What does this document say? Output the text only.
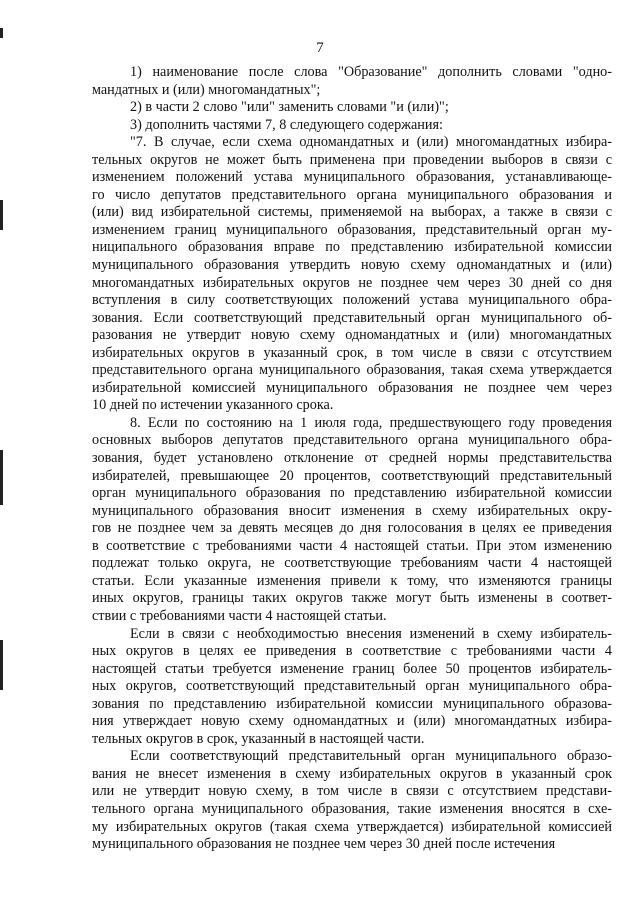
7
1) наименование после слова "Образование" дополнить словами "одно-
мандатных и (или) многомандатных";
2) в части 2 слово "или" заменить словами "и (или)";
3) дополнить частями 7, 8 следующего содержания:
"7. В случае, если схема одномандатных и (или) многомандатных избира-
тельных округов не может быть применена при проведении выборов в связи с
изменением положений устава муниципального образования, устанавливающе-
го число депутатов представительного органа муниципального образования и
(или) вид избирательной системы, применяемой на выборах, а также в связи с
изменением границ муниципального образования, представительный орган му-
ниципального образования вправе по представлению избирательной комиссии
муниципального образования утвердить новую схему одномандатных и (или)
многомандатных избирательных округов не позднее чем через 30 дней со дня
вступления в силу соответствующих положений устава муниципального обра-
зования. Если соответствующий представительный орган муниципального об-
разования не утвердит новую схему одномандатных и (или) многомандатных
избирательных округов в указанный срок, в том числе в связи с отсутствием
представительного органа муниципального образования, такая схема утверждается
избирательной комиссией муниципального образования не позднее чем через
10 дней по истечении указанного срока.
8. Если по состоянию на 1 июля года, предшествующего году проведения
основных выборов депутатов представительного органа муниципального обра-
зования, будет установлено отклонение от средней нормы представительства
избирателей, превышающее 20 процентов, соответствующий представительный
орган муниципального образования по представлению избирательной комиссии
муниципального образования вносит изменения в схему избирательных окру-
гов не позднее чем за девять месяцев до дня голосования в целях ее приведения
в соответствие с требованиями части 4 настоящей статьи. При этом изменению
подлежат только округа, не соответствующие требованиям части 4 настоящей
статьи. Если указанные изменения привели к тому, что изменяются границы
иных округов, границы таких округов также могут быть изменены в соответ-
ствии с требованиями части 4 настоящей статьи.
Если в связи с необходимостью внесения изменений в схему избиратель-
ных округов в целях ее приведения в соответствие с требованиями части 4
настоящей статьи требуется изменение границ более 50 процентов избиратель-
ных округов, соответствующий представительный орган муниципального обра-
зования по представлению избирательной комиссии муниципального образова-
ния утверждает новую схему одномандатных и (или) многомандатных избира-
тельных округов в срок, указанный в настоящей части.
Если соответствующий представительный орган муниципального образо-
вания не внесет изменения в схему избирательных округов в указанный срок
или не утвердит новую схему, в том числе в связи с отсутствием представи-
тельного органа муниципального образования, такие изменения вносятся в схе-
му избирательных округов (такая схема утверждается) избирательной комиссией
муниципального образования не позднее чем через 30 дней после истечения
